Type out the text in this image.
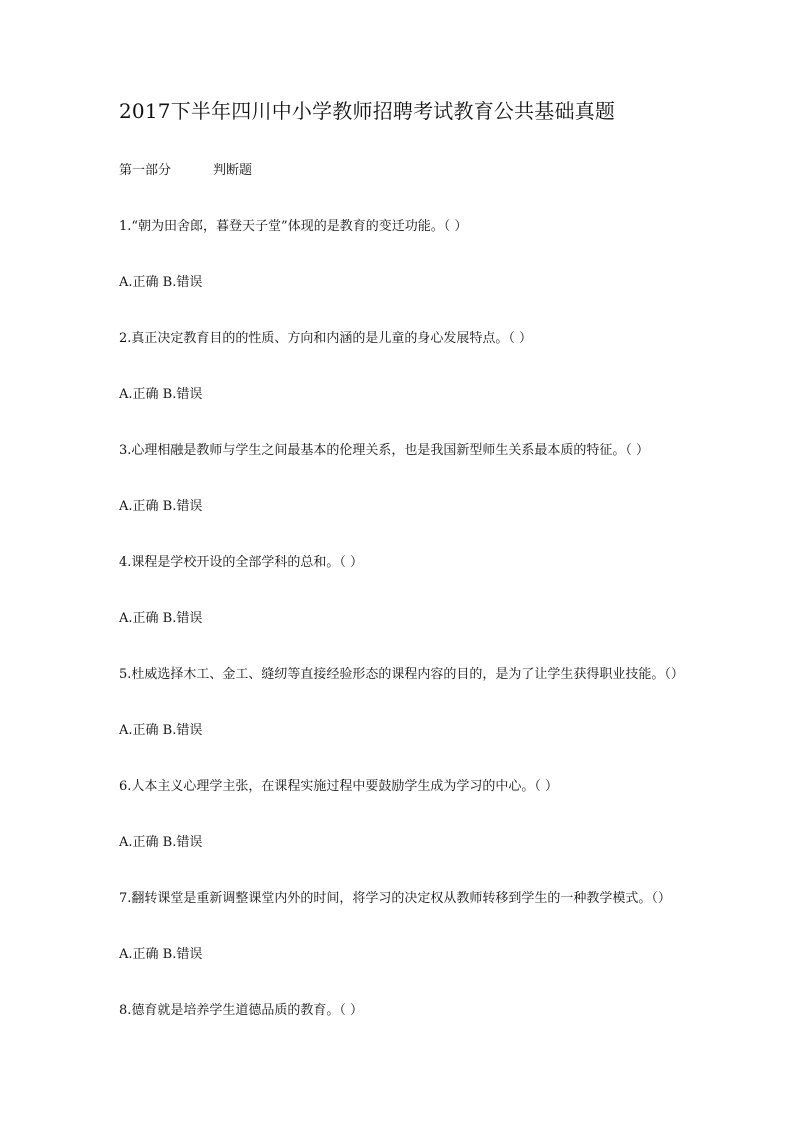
2017下半年四川中小学教师招聘考试教育公共基础真题
第一部分	判断题
1.“朝为田舍郎，暮登天子堂”体现的是教育的变迁功能。（ ）
A.正确 B.错误
2.真正决定教育目的的性质、方向和内涵的是儿童的身心发展特点。（ ）
A.正确 B.错误
3.心理相融是教师与学生之间最基本的伦理关系，也是我国新型师生关系最本质的特征。（ ）
A.正确 B.错误
4.课程是学校开设的全部学科的总和。（ ）
A.正确 B.错误
5.杜威选择木工、金工、缝纫等直接经验形态的课程内容的目的，是为了让学生获得职业技能。（）
A.正确 B.错误
6.人本主义心理学主张，在课程实施过程中要鼓励学生成为学习的中心。（ ）
A.正确 B.错误
7.翻转课堂是重新调整课堂内外的时间，将学习的决定权从教师转移到学生的一种教学模式。（）
A.正确 B.错误
8.德育就是培养学生道德品质的教育。（ ）
